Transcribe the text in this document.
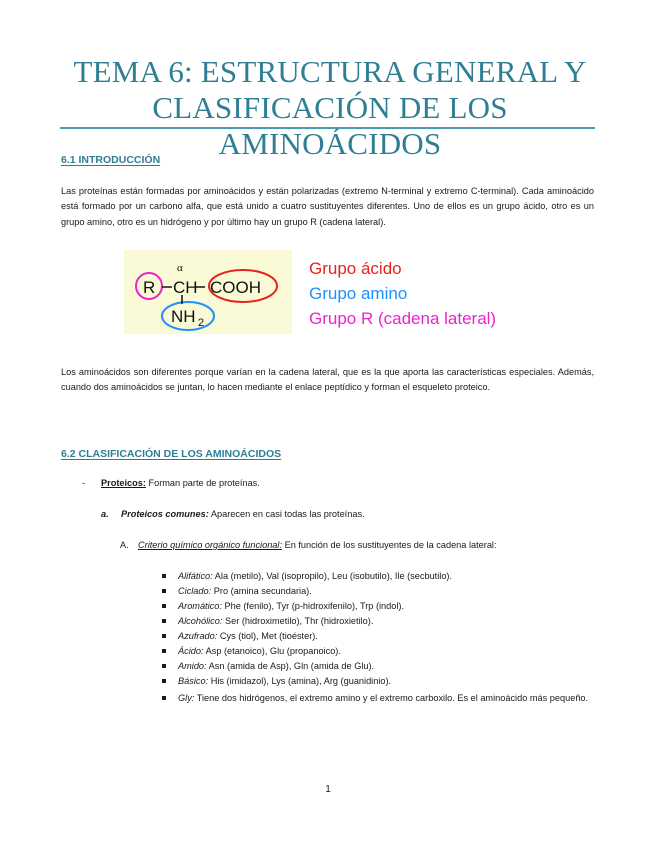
TEMA 6: ESTRUCTURA GENERAL Y
CLASIFICACIÓN DE LOS AMINOÁCIDOS
6.1 INTRODUCCIÓN
Las proteínas están formadas por aminoácidos y están polarizadas (extremo N-terminal y extremo C-terminal). Cada aminoácido está formado por un carbono alfa, que está unido a cuatro sustituyentes diferentes. Uno de ellos es un grupo ácido, otro es un grupo amino, otro es un hidrógeno y por último hay un grupo R (cadena lateral).
α
R CH COOH
NH 2
Grupo ácido
Grupo amino
Grupo R (cadena lateral)
Los aminoácidos son diferentes porque varían en la cadena lateral, que es la que aporta las características especiales. Además, cuando dos aminoácidos se juntan, lo hacen mediante el enlace peptídico y forman el esqueleto proteico.
6.2 CLASIFICACIÓN DE LOS AMINOÁCIDOS
- Proteicos: Forman parte de proteínas.
a. Proteicos comunes: Aparecen en casi todas las proteínas.
A. Criterio químico orgánico funcional: En función de los sustituyentes de la cadena lateral:
Alifático: Ala (metilo), Val (isopropilo), Leu (isobutilo), Ile (secbutilo).
Ciclado: Pro (amina secundaria).
Aromático: Phe (fenilo), Tyr (p-hidroxifenilo), Trp (indol).
Alcohólico: Ser (hidroximetilo), Thr (hidroxietilo).
Azufrado: Cys (tiol), Met (tioéster).
Ácido: Asp (etanoico), Glu (propanoico).
Amido: Asn (amida de Asp), Gln (amida de Glu).
Básico: His (imidazol), Lys (amina), Arg (guanidinio).
Gly: Tiene dos hidrógenos, el extremo amino y el extremo carboxilo. Es el aminoácido más pequeño.
1
